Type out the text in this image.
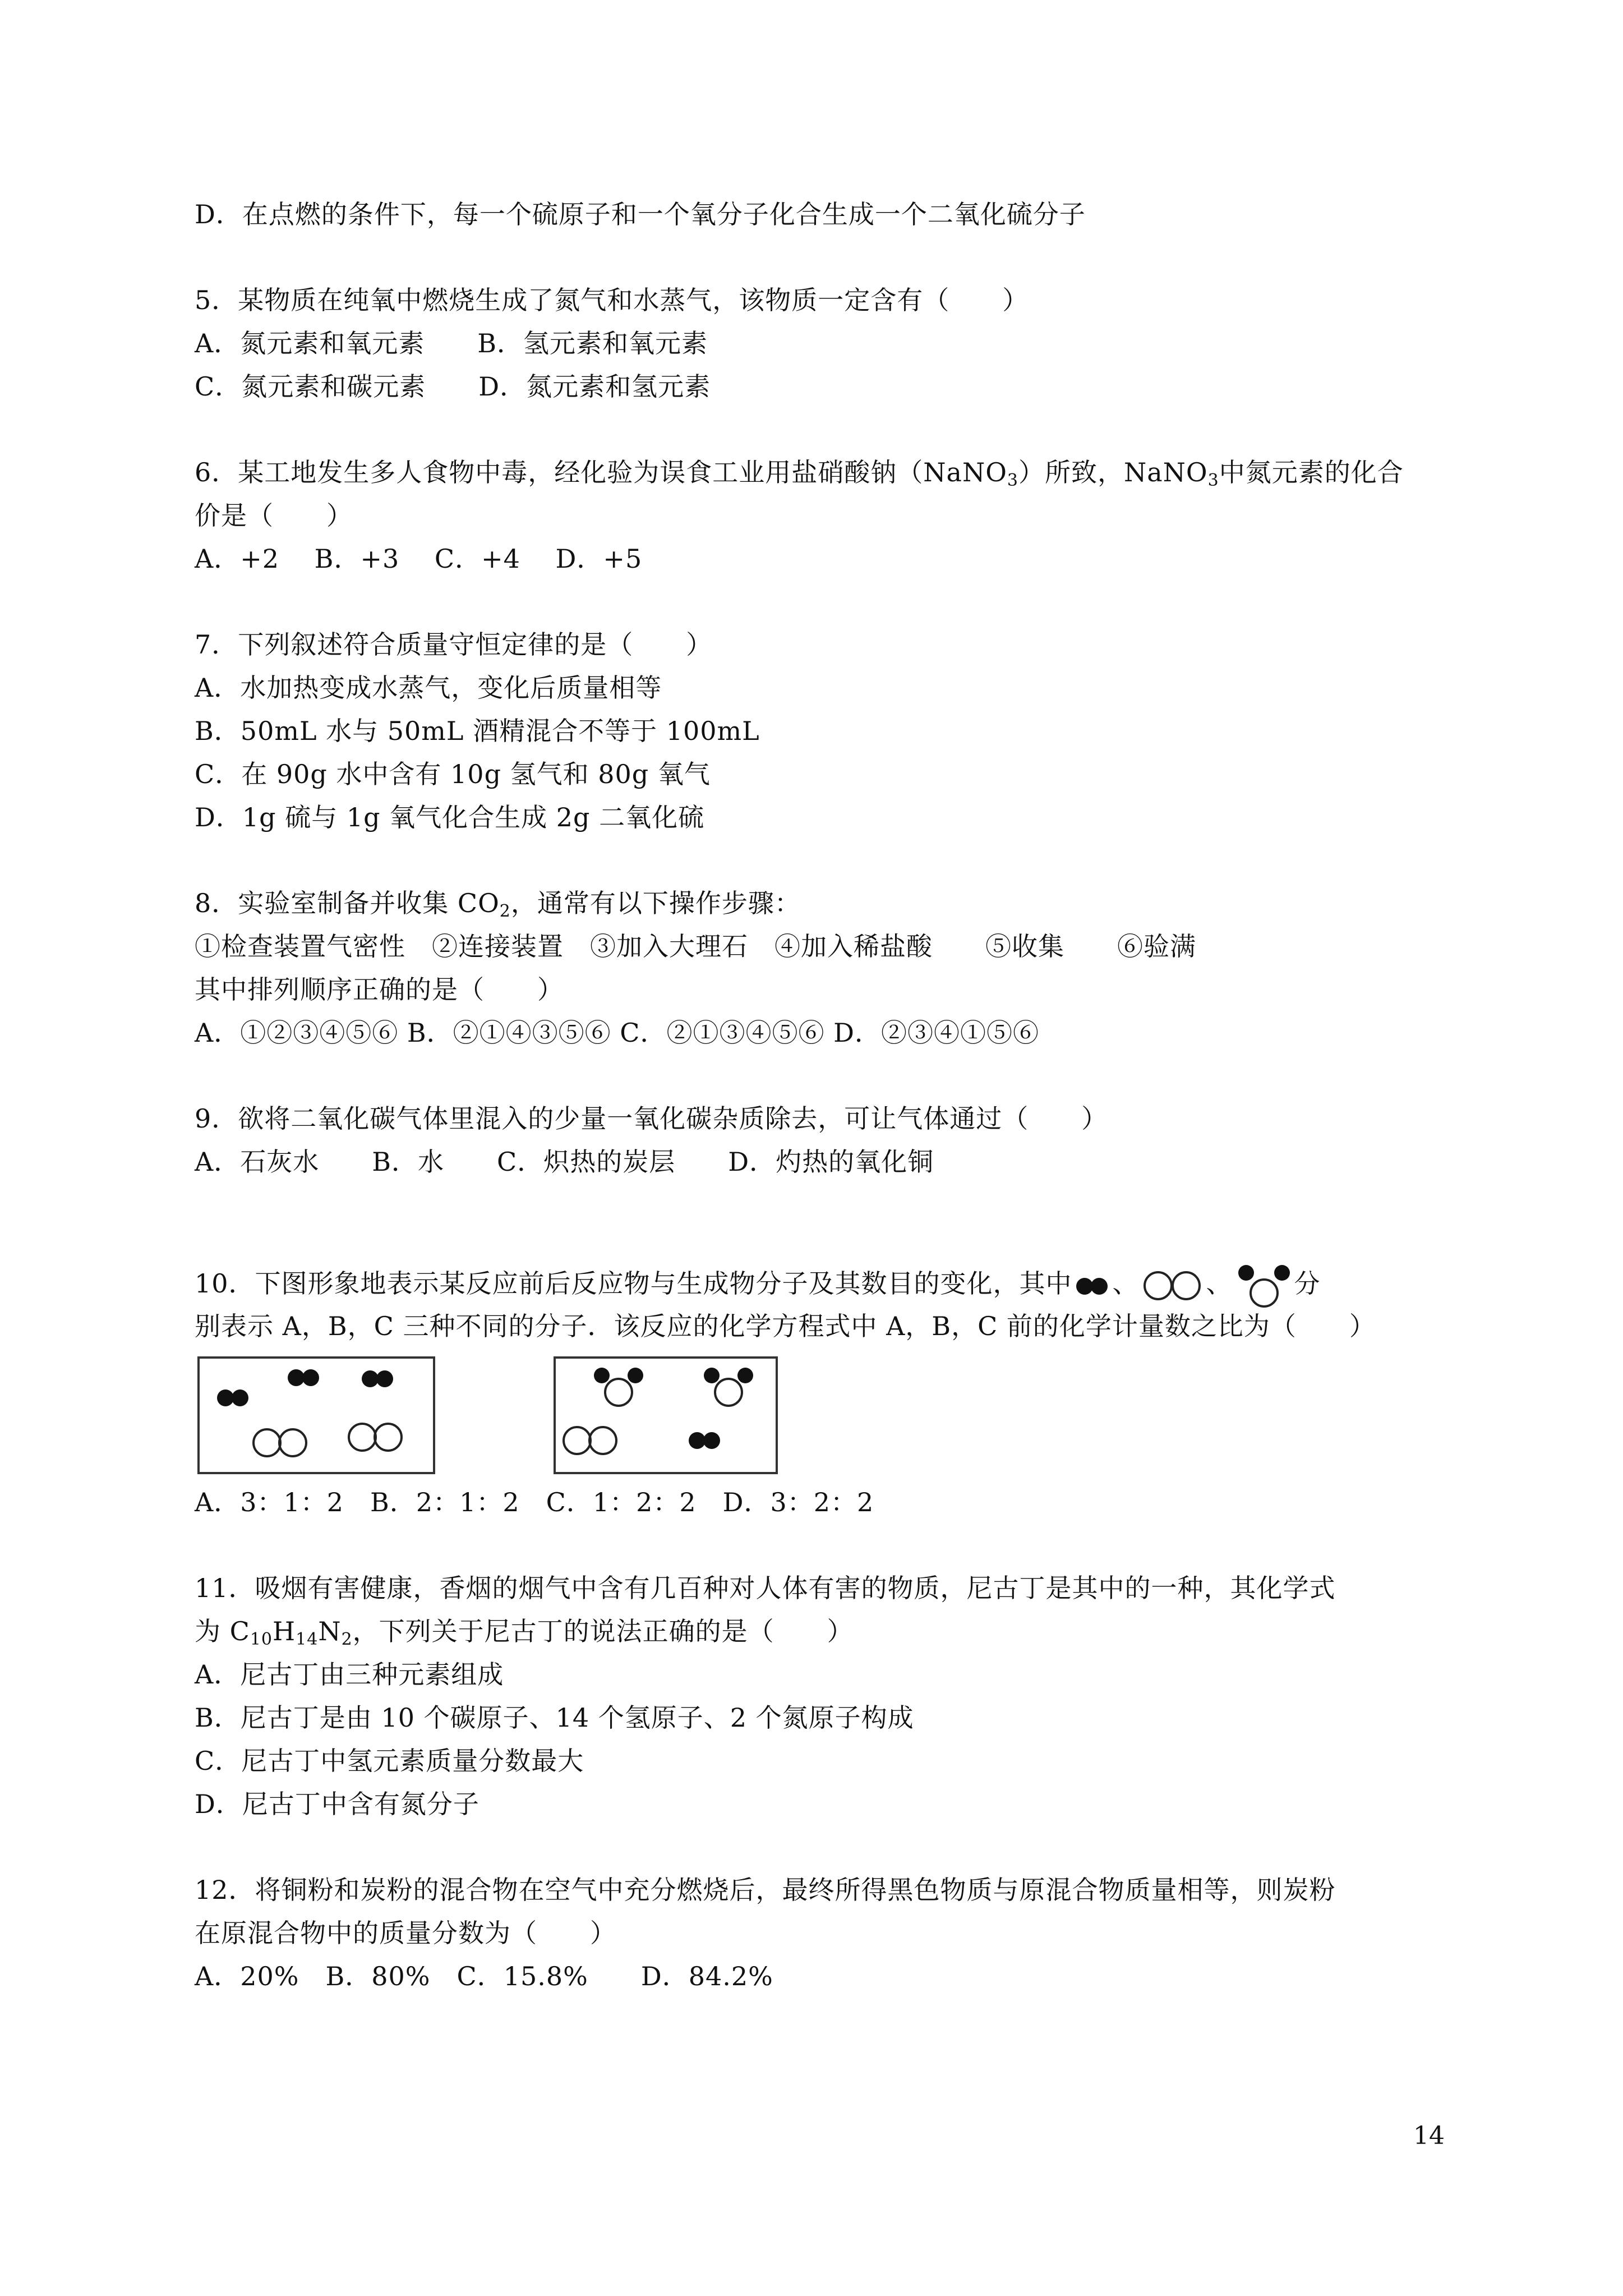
D．在点燃的条件下，每一个硫原子和一个氧分子化合生成一个二氧化硫分子
5．某物质在纯氧中燃烧生成了氮气和水蒸气，该物质一定含有（　　）
A．氮元素和氧元素　　B．氢元素和氧元素
C．氮元素和碳元素　　D．氮元素和氢元素
6．某工地发生多人食物中毒，经化验为误食工业用盐硝酸钠（NaNO$_3$）所致，NaNO$_3$中氮元素的化合
价是（　　）
A．+2　 B．+3　 C．+4　 D．+5
7．下列叙述符合质量守恒定律的是（　　）
A．水加热变成水蒸气，变化后质量相等
B．50mL 水与 50mL 酒精混合不等于 100mL
C．在 90g 水中含有 10g 氢气和 80g 氧气
D．1g 硫与 1g 氧气化合生成 2g 二氧化硫
8．实验室制备并收集 $CO_2$，通常有以下操作步骤：
①检查装置气密性　②连接装置　③加入大理石　④加入稀盐酸　　⑤收集　　⑥验满
其中排列顺序正确的是（　　）
A．①②③④⑤⑥ B．②①④③⑤⑥ C．②①③④⑤⑥ D．②③④①⑤⑥
9．欲将二氧化碳气体里混入的少量一氧化碳杂质除去，可让气体通过（　　）
A．石灰水　　B．水　　C．炽热的炭层　　D．灼热的氧化铜
10．下图形象地表示某反应前后反应物与生成物分子及其数目的变化，其中 、	、 分
别表示 A，B，C 三种不同的分子．该反应的化学方程式中 A，B，C 前的化学计量数之比为（　　）
A．3：1：2　B．2：1：2　C．1：2：2　D．3：2：2
11．吸烟有害健康，香烟的烟气中含有几百种对人体有害的物质，尼古丁是其中的一种，其化学式
为 $C_{10}H_{14}N_2$，下列关于尼古丁的说法正确的是（　　）
A．尼古丁由三种元素组成
B．尼古丁是由 10 个碳原子、14 个氢原子、2 个氮原子构成
C．尼古丁中氢元素质量分数最大
D．尼古丁中含有氮分子
12．将铜粉和炭粉的混合物在空气中充分燃烧后，最终所得黑色物质与原混合物质量相等，则炭粉
在原混合物中的质量分数为（　　）
A．20%　B．80%　C．15.8%　　D．84.2%
14
